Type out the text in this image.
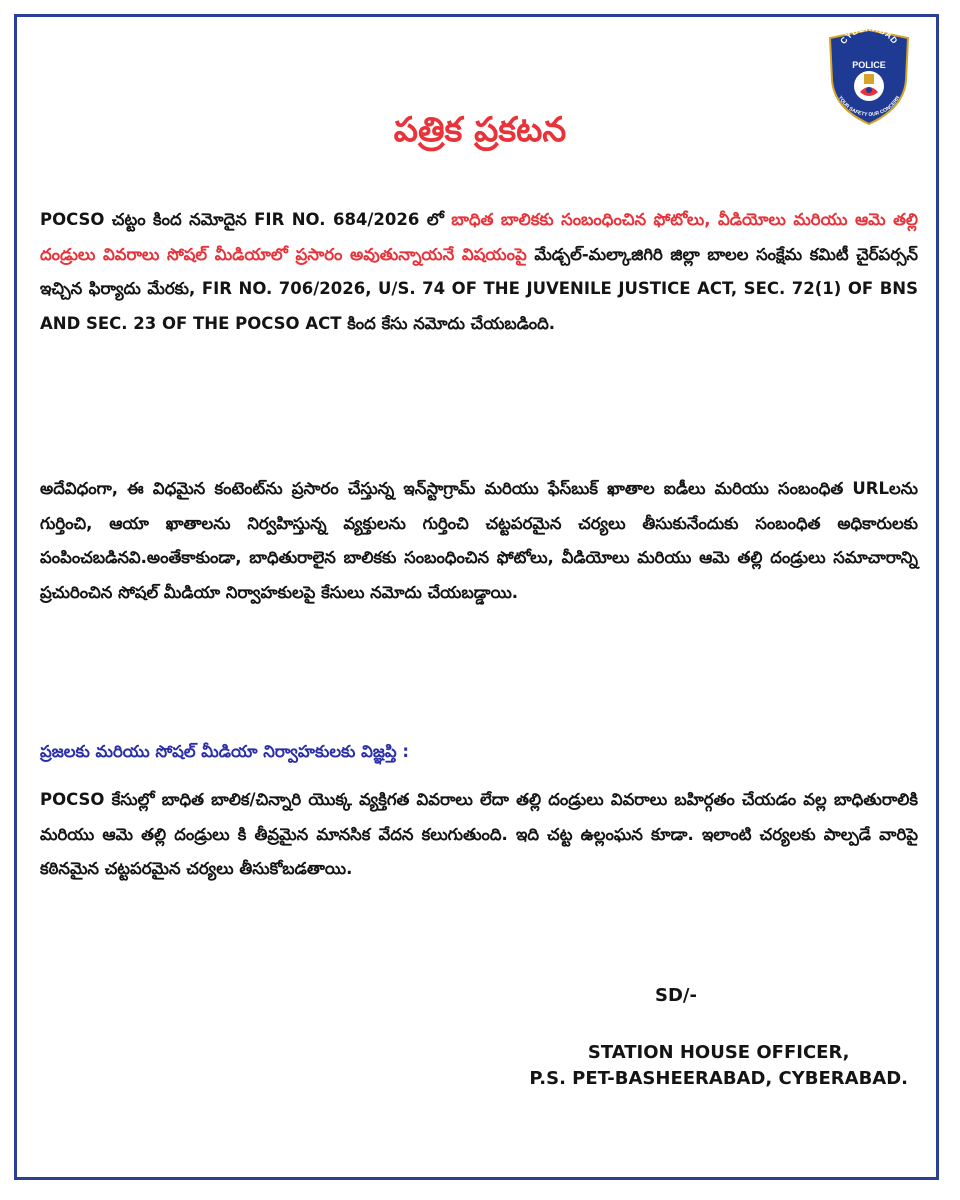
CYBERABAD
POLICE
YOUR SAFETY OUR CONCERN
పత్రిక ప్రకటన
POCSO చట్టం కింద నమోదైన FIR NO. 684/2026 లో బాధిత బాలికకు సంబంధించిన ఫోటోలు, వీడియోలు మరియు ఆమె తల్లి దండ్రులు వివరాలు సోషల్ మీడియాలో ప్రసారం అవుతున్నాయనే విషయంపై మేడ్చల్-మల్కాజిగిరి జిల్లా బాలల సంక్షేమ కమిటీ చైర్‌పర్సన్ ఇచ్చిన ఫిర్యాదు మేరకు, FIR NO. 706/2026, U/S. 74 OF THE JUVENILE JUSTICE ACT, SEC. 72(1) OF BNS AND SEC. 23 OF THE POCSO ACT కింద కేసు నమోదు చేయబడింది.
అదేవిధంగా, ఈ విధమైన కంటెంట్‌ను ప్రసారం చేస్తున్న ఇన్‌స్టాగ్రామ్ మరియు ఫేస్‌బుక్ ఖాతాల ఐడీలు మరియు సంబంధిత URLలను గుర్తించి, ఆయా ఖాతాలను నిర్వహిస్తున్న వ్యక్తులను గుర్తించి చట్టపరమైన చర్యలు తీసుకునేందుకు సంబంధిత అధికారులకు పంపించబడినవి.అంతేకాకుండా, బాధితురాలైన బాలికకు సంబంధించిన ఫోటోలు, వీడియోలు మరియు ఆమె తల్లి దండ్రులు సమాచారాన్ని ప్రచురించిన సోషల్ మీడియా నిర్వాహకులపై కేసులు నమోదు చేయబడ్డాయి.
ప్రజలకు మరియు సోషల్ మీడియా నిర్వాహకులకు విజ్ఞప్తి :
POCSO కేసుల్లో బాధిత బాలిక/చిన్నారి యొక్క వ్యక్తిగత వివరాలు లేదా తల్లి దండ్రులు వివరాలు బహిర్గతం చేయడం వల్ల బాధితురాలికి మరియు ఆమె తల్లి దండ్రులు కి తీవ్రమైన మానసిక వేదన కలుగుతుంది. ఇది చట్ట ఉల్లంఘన కూడా. ఇలాంటి చర్యలకు పాల్పడే వారిపై కఠినమైన చట్టపరమైన చర్యలు తీసుకోబడతాయి.
SD/-
STATION HOUSE OFFICER,
P.S. PET-BASHEERABAD, CYBERABAD.
